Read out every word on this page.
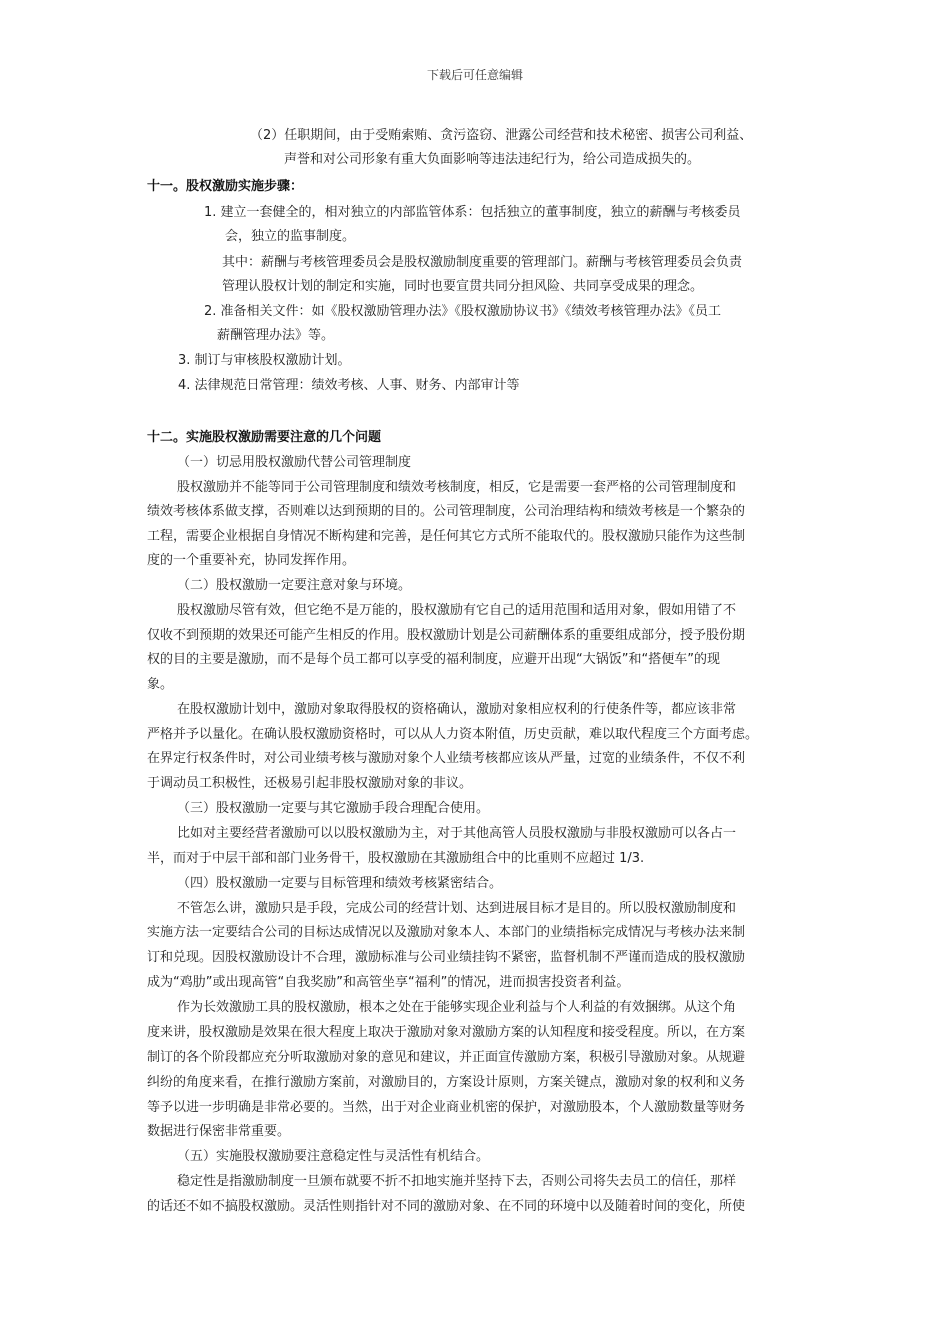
下载后可任意编辑
（2）任职期间，由于受贿索贿、贪污盗窃、泄露公司经营和技术秘密、损害公司利益、
声誉和对公司形象有重大负面影响等违法违纪行为，给公司造成损失的。
十一。股权激励实施步骤：
1. 建立一套健全的，相对独立的内部监管体系：包括独立的董事制度，独立的薪酬与考核委员
会，独立的监事制度。
其中：薪酬与考核管理委员会是股权激励制度重要的管理部门。薪酬与考核管理委员会负责
管理认股权计划的制定和实施，同时也要宣贯共同分担风险、共同享受成果的理念。
2. 准备相关文件：如《股权激励管理办法》《股权激励协议书》《绩效考核管理办法》《员工
薪酬管理办法》等。
3. 制订与审核股权激励计划。
4. 法律规范日常管理：绩效考核、人事、财务、内部审计等
十二。实施股权激励需要注意的几个问题
（一）切忌用股权激励代替公司管理制度
股权激励并不能等同于公司管理制度和绩效考核制度，相反，它是需要一套严格的公司管理制度和
绩效考核体系做支撑，否则难以达到预期的目的。公司管理制度，公司治理结构和绩效考核是一个繁杂的
工程，需要企业根据自身情况不断构建和完善，是任何其它方式所不能取代的。股权激励只能作为这些制
度的一个重要补充，协同发挥作用。
（二）股权激励一定要注意对象与环境。
股权激励尽管有效，但它绝不是万能的，股权激励有它自己的适用范围和适用对象，假如用错了不
仅收不到预期的效果还可能产生相反的作用。股权激励计划是公司薪酬体系的重要组成部分，授予股份期
权的目的主要是激励，而不是每个员工都可以享受的福利制度，应避开出现“大锅饭”和“搭便车”的现
象。
在股权激励计划中，激励对象取得股权的资格确认，激励对象相应权利的行使条件等，都应该非常
严格并予以量化。在确认股权激励资格时，可以从人力资本附值，历史贡献，难以取代程度三个方面考虑。
在界定行权条件时，对公司业绩考核与激励对象个人业绩考核都应该从严量，过宽的业绩条件，不仅不利
于调动员工积极性，还极易引起非股权激励对象的非议。
（三）股权激励一定要与其它激励手段合理配合使用。
比如对主要经营者激励可以以股权激励为主，对于其他高管人员股权激励与非股权激励可以各占一
半，而对于中层干部和部门业务骨干，股权激励在其激励组合中的比重则不应超过 1/3.
（四）股权激励一定要与目标管理和绩效考核紧密结合。
不管怎么讲，激励只是手段，完成公司的经营计划、达到进展目标才是目的。所以股权激励制度和
实施方法一定要结合公司的目标达成情况以及激励对象本人、本部门的业绩指标完成情况与考核办法来制
订和兑现。因股权激励设计不合理，激励标准与公司业绩挂钩不紧密，监督机制不严谨而造成的股权激励
成为“鸡肋”或出现高管“自我奖励”和高管坐享“福利”的情况，进而损害投资者利益。
作为长效激励工具的股权激励，根本之处在于能够实现企业利益与个人利益的有效捆绑。从这个角
度来讲，股权激励是效果在很大程度上取决于激励对象对激励方案的认知程度和接受程度。所以，在方案
制订的各个阶段都应充分听取激励对象的意见和建议，并正面宣传激励方案，积极引导激励对象。从规避
纠纷的角度来看，在推行激励方案前，对激励目的，方案设计原则，方案关键点，激励对象的权利和义务
等予以进一步明确是非常必要的。当然，出于对企业商业机密的保护，对激励股本，个人激励数量等财务
数据进行保密非常重要。
（五）实施股权激励要注意稳定性与灵活性有机结合。
稳定性是指激励制度一旦颁布就要不折不扣地实施并坚持下去，否则公司将失去员工的信任，那样
的话还不如不搞股权激励。灵活性则指针对不同的激励对象、在不同的环境中以及随着时间的变化，所使
